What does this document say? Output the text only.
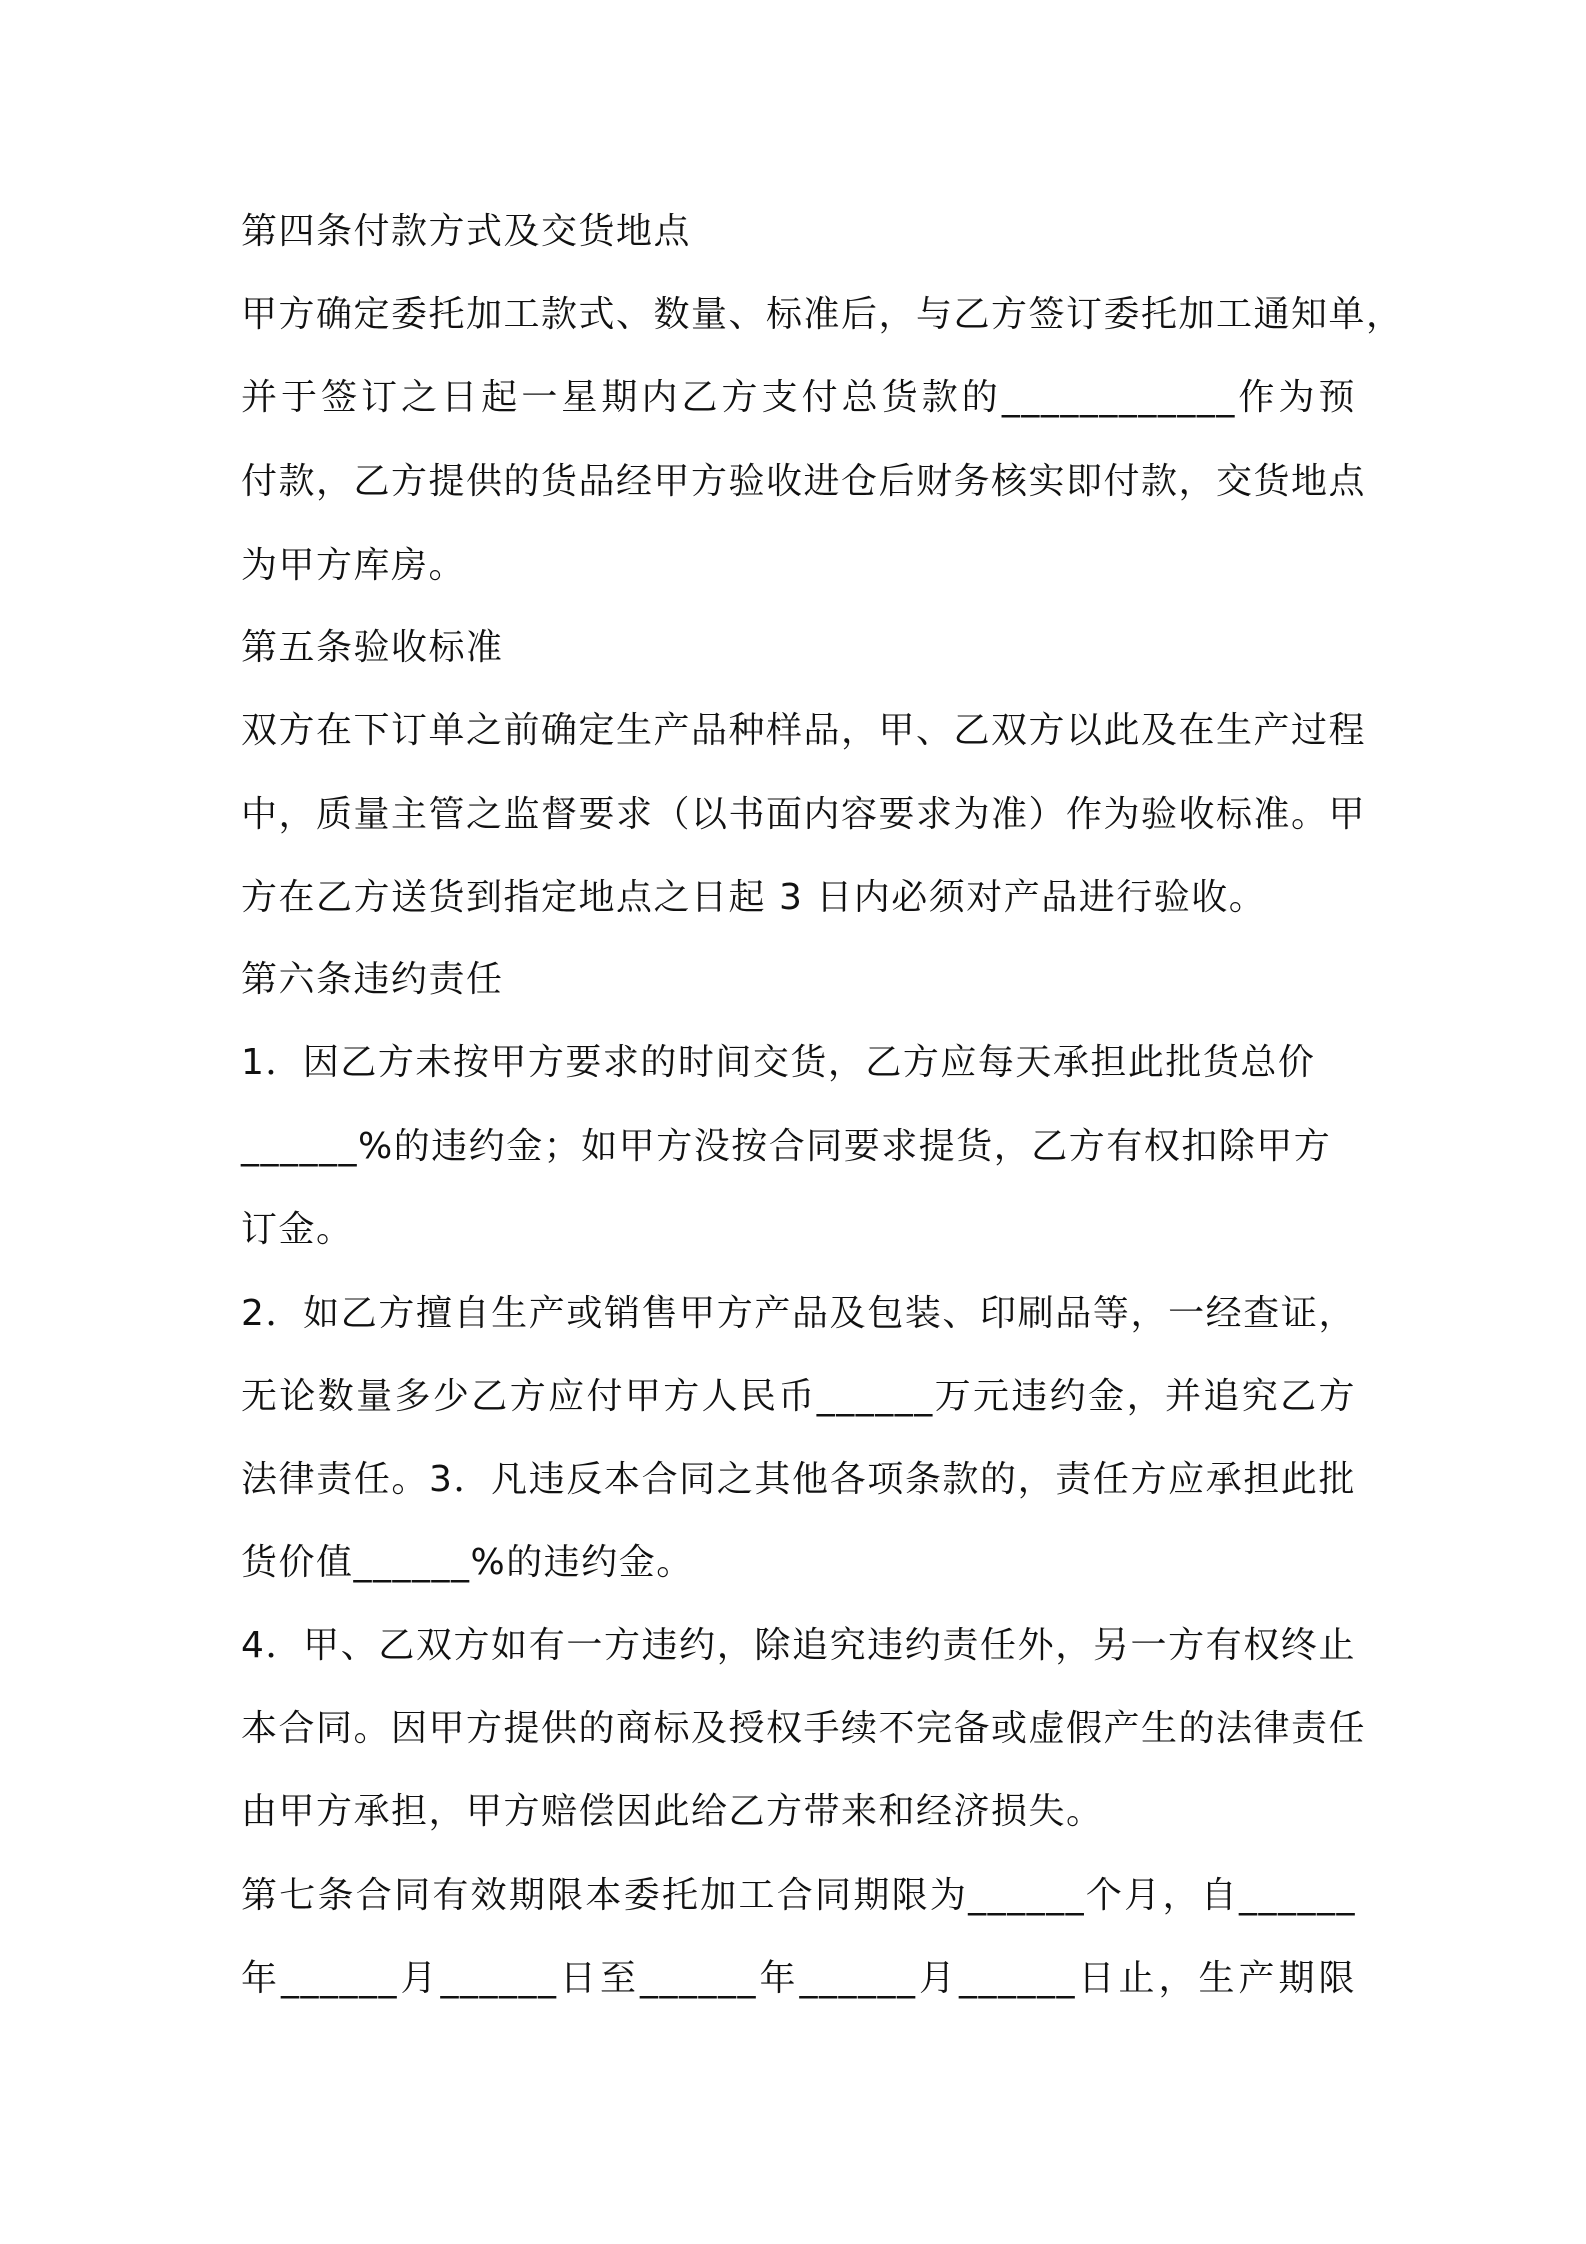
第四条付款方式及交货地点
甲方确定委托加工款式、数量、标准后，与乙方签订委托加工通知单，
并于签订之日起一星期内乙方支付总货款的____________作为预
付款，乙方提供的货品经甲方验收进仓后财务核实即付款，交货地点
为甲方库房。
第五条验收标准
双方在下订单之前确定生产品种样品，甲、乙双方以此及在生产过程
中，质量主管之监督要求（以书面内容要求为准）作为验收标准。甲
方在乙方送货到指定地点之日起 3 日内必须对产品进行验收。
第六条违约责任
1．因乙方未按甲方要求的时间交货，乙方应每天承担此批货总价
______%的违约金；如甲方没按合同要求提货，乙方有权扣除甲方
订金。
2．如乙方擅自生产或销售甲方产品及包装、印刷品等，一经查证，
无论数量多少乙方应付甲方人民币______万元违约金，并追究乙方
法律责任。3．凡违反本合同之其他各项条款的，责任方应承担此批
货价值______%的违约金。
4．甲、乙双方如有一方违约，除追究违约责任外，另一方有权终止
本合同。因甲方提供的商标及授权手续不完备或虚假产生的法律责任
由甲方承担，甲方赔偿因此给乙方带来和经济损失。
第七条合同有效期限本委托加工合同期限为______个月，自______
年______月______日至______年______月______日止，生产期限
